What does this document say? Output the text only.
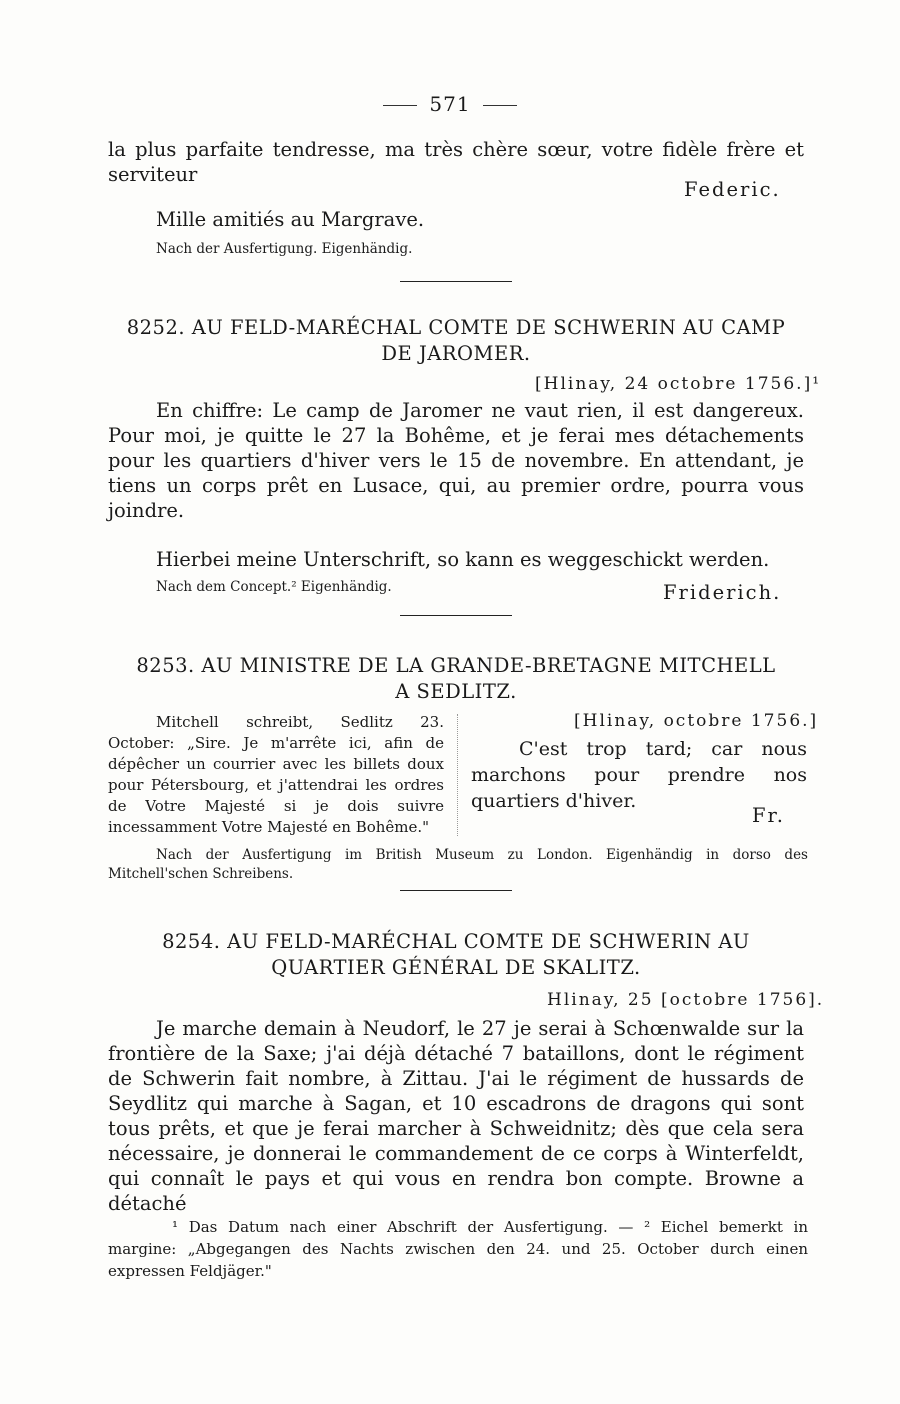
571
la plus parfaite tendresse, ma très chère sœur, votre fidèle frère et serviteur
Federic.
Mille amitiés au Margrave.
Nach der Ausfertigung. Eigenhändig.
8252. AU FELD-MARÉCHAL COMTE DE SCHWERIN AU CAMP
DE JAROMER.
[Hlinay, 24 octobre 1756.]¹
En chiffre: Le camp de Jaromer ne vaut rien, il est dangereux. Pour moi, je quitte le 27 la Bohême, et je ferai mes détachements pour les quartiers d'hiver vers le 15 de novembre. En attendant, je tiens un corps prêt en Lusace, qui, au premier ordre, pourra vous joindre.
Hierbei meine Unterschrift, so kann es weggeschickt werden.
Nach dem Concept.² Eigenhändig.	Friderich.
8253. AU MINISTRE DE LA GRANDE-BRETAGNE MITCHELL
A SEDLITZ.
Mitchell schreibt, Sedlitz 23. October: „Sire. Je m'arrête ici, afin de dépêcher un courrier avec les billets doux pour Pétersbourg, et j'attendrai les ordres de Votre Majesté si je dois suivre incessamment Votre Majesté en Bohême."
[Hlinay, octobre 1756.]
C'est trop tard; car nous marchons pour prendre nos quartiers d'hiver.
Fr.
Nach der Ausfertigung im British Museum zu London. Eigenhändig in dorso des Mitchell'schen Schreibens.
8254. AU FELD-MARÉCHAL COMTE DE SCHWERIN AU
QUARTIER GÉNÉRAL DE SKALITZ.
Hlinay, 25 [octobre 1756].
Je marche demain à Neudorf, le 27 je serai à Schœnwalde sur la frontière de la Saxe; j'ai déjà détaché 7 bataillons, dont le régiment de Schwerin fait nombre, à Zittau. J'ai le régiment de hussards de Seydlitz qui marche à Sagan, et 10 escadrons de dragons qui sont tous prêts, et que je ferai marcher à Schweidnitz; dès que cela sera nécessaire, je donnerai le commandement de ce corps à Winterfeldt, qui connaît le pays et qui vous en rendra bon compte. Browne a détaché
¹ Das Datum nach einer Abschrift der Ausfertigung. — ² Eichel bemerkt in margine: „Abgegangen des Nachts zwischen den 24. und 25. October durch einen expressen Feldjäger."
